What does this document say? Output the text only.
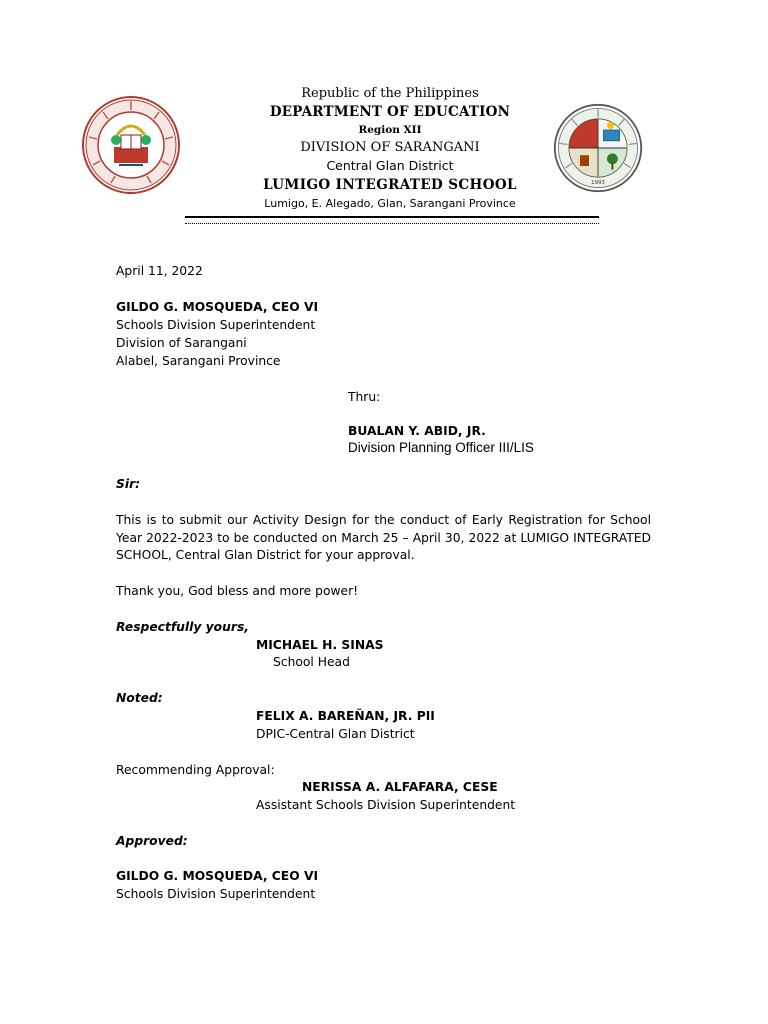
Republic of the Philippines
DEPARTMENT OF EDUCATION
Region XII
DIVISION OF SARANGANI
Central Glan District
LUMIGO INTEGRATED SCHOOL
Lumigo, E. Alegado, Glan, Sarangani Province
1993
April 11, 2022
GILDO G. MOSQUEDA, CEO VI
Schools Division Superintendent
Division of Sarangani
Alabel, Sarangani Province
Thru:
BUALAN Y. ABID, JR.
Division Planning Officer III/LIS
Sir:
This is to submit our Activity Design for the conduct of Early Registration for School Year 2022-2023 to be conducted on March 25 – April 30, 2022 at LUMIGO INTEGRATED SCHOOL, Central Glan District for your approval.
Thank you, God bless and more power!
Respectfully yours,
MICHAEL H. SINAS
School Head
Noted:
FELIX A. BAREÑAN, JR. PII
DPIC-Central Glan District
Recommending Approval:
NERISSA A. ALFAFARA, CESE
Assistant Schools Division Superintendent
Approved:
GILDO G. MOSQUEDA, CEO VI
Schools Division Superintendent
